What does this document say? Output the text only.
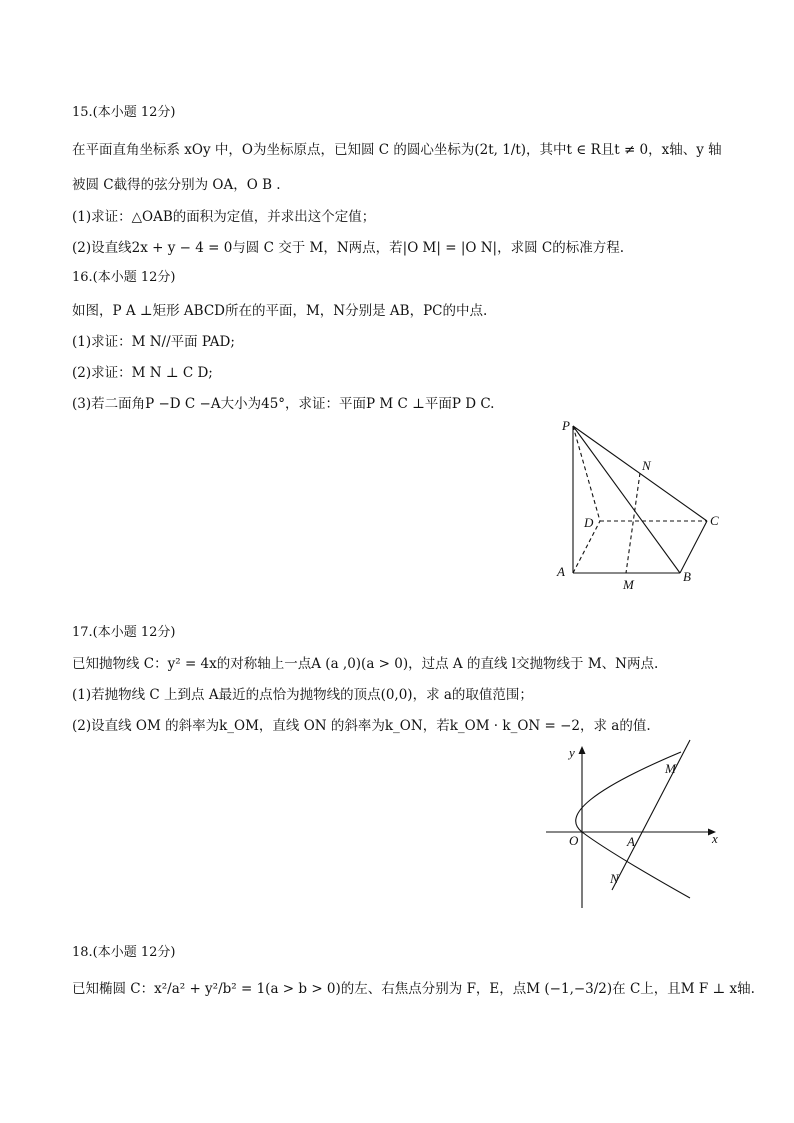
15.(本小题 12分)

在平面直角坐标系 xOy 中，O为坐标原点，已知圆 C 的圆心坐标为(2t, 1/t)，其中t ∈ R且t ≠ 0，x轴、y 轴

被圆 C截得的弦分别为 OA，O B .

(1)求证：△OAB的面积为定值，并求出这个定值；

(2)设直线2x + y − 4 = 0与圆 C 交于 M，N两点，若|O M| = |O N|，求圆 C的标准方程.

16.(本小题 12分)

如图，P A ⊥矩形 ABCD所在的平面，M，N分别是 AB，PC的中点.

(1)求证：M N//平面 PAD;

(2)求证：M N ⊥ C D;

(3)若二面角P −D C −A大小为45°，求证：平面P M C ⊥平面P D C.

P
N
D	C
A
M
B

17.(本小题 12分)

已知抛物线 C：y² = 4x的对称轴上一点A (a ,0)(a > 0)，过点 A 的直线 l交抛物线于 M、N两点.

(1)若抛物线 C 上到点 A最近的点恰为抛物线的顶点(0,0)，求 a的取值范围；

(2)设直线 OM 的斜率为k_OM，直线 ON 的斜率为k_ON，若k_OM · k_ON = −2，求 a的值.

y
x
O	A
M
N

18.(本小题 12分)

已知椭圆 C：x²/a² + y²/b² = 1(a > b > 0)的左、右焦点分别为 F，E，点M (−1,−3/2)在 C上，且M F ⊥ x轴.
